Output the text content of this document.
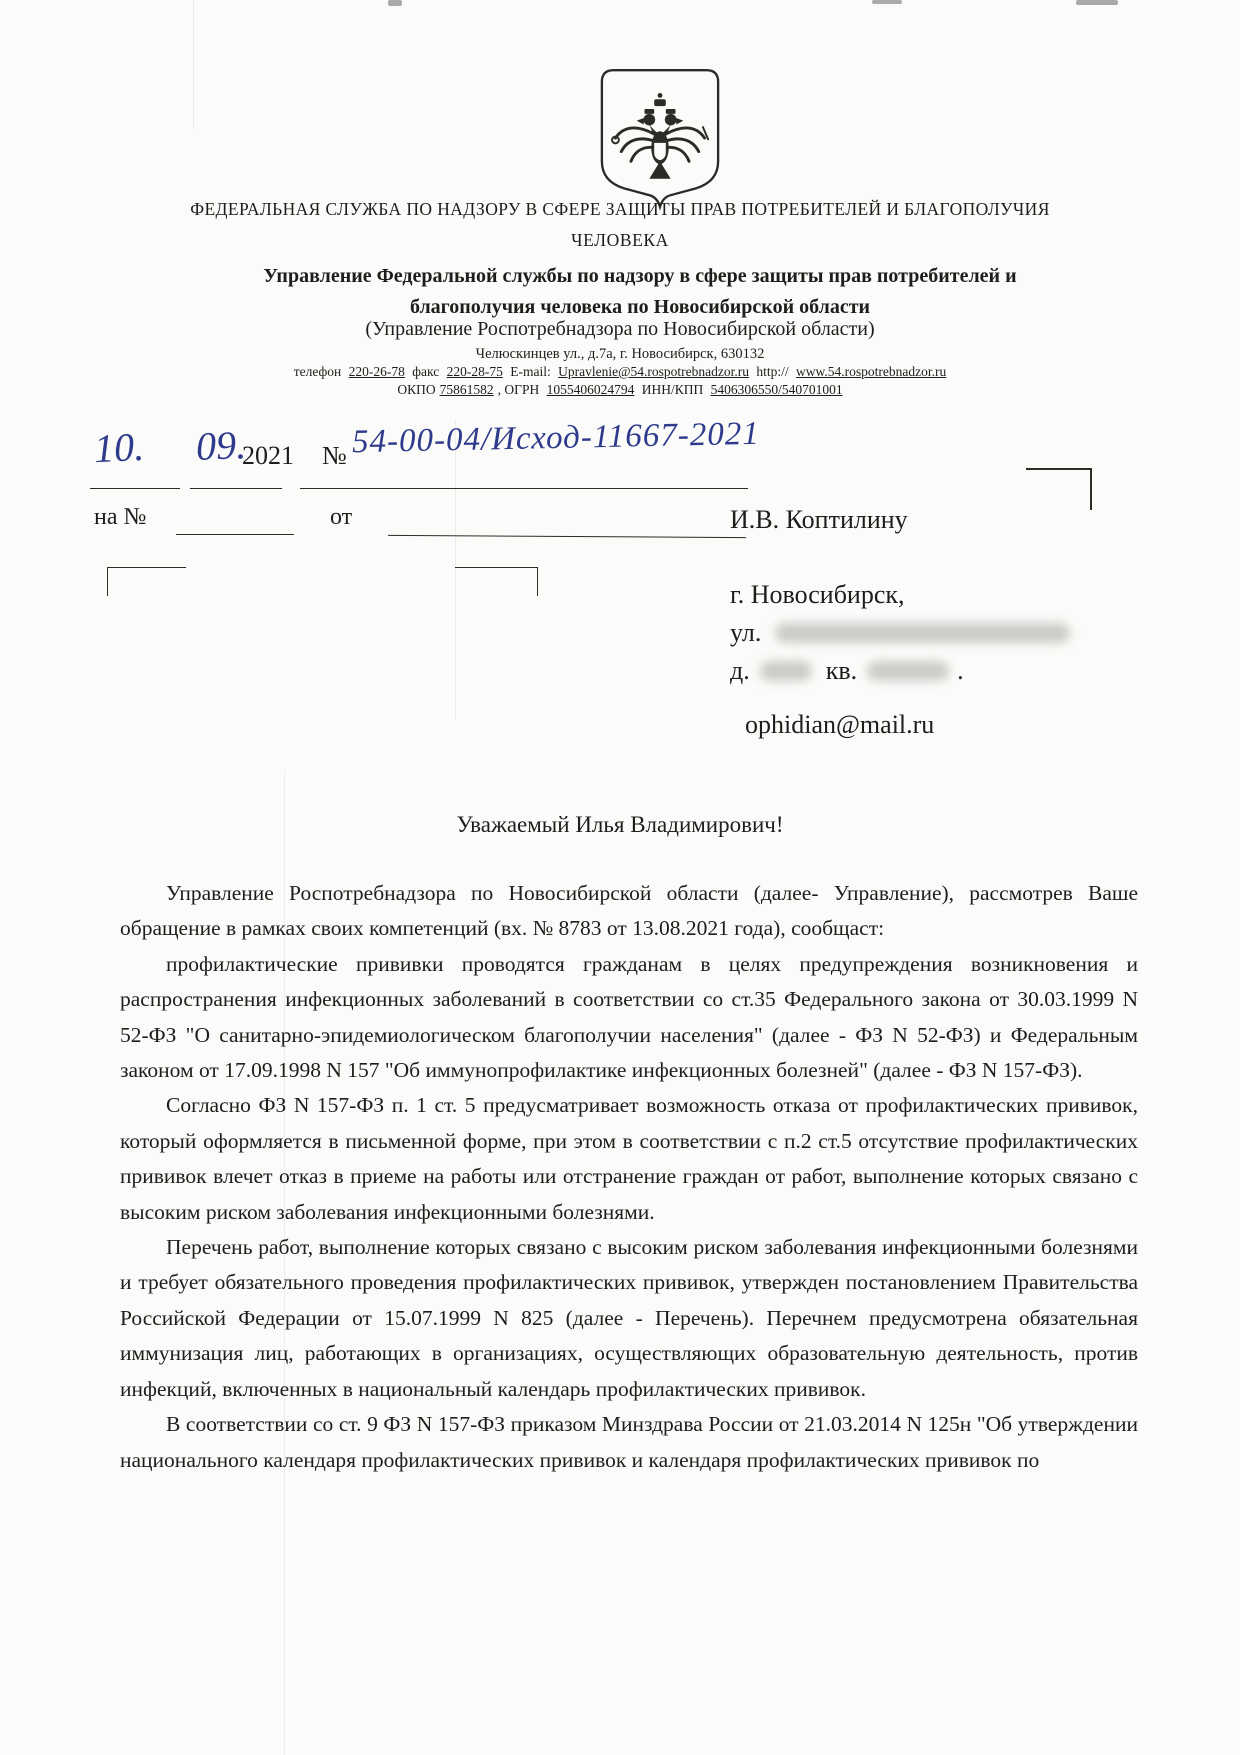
ФЕДЕРАЛЬНАЯ СЛУЖБА ПО НАДЗОРУ В СФЕРЕ ЗАЩИТЫ ПРАВ ПОТРЕБИТЕЛЕЙ И БЛАГОПОЛУЧИЯ
ЧЕЛОВЕКА
Управление Федеральной службы по надзору в сфере защиты прав потребителей и благополучия человека по Новосибирской области
(Управление Роспотребнадзора по Новосибирской области)
Челюскинцев ул., д.7а, г. Новосибирск, 630132
телефон 220-26-78 факс 220-28-75 E-mail: Upravlenie@54.rospotrebnadzor.ru http:// www.54.rospotrebnadzor.ru
ОКПО 75861582 , ОГРН 1055406024794 ИНН/КПП 5406306550/540701001
10. 09.
2021 № 54-00-04/Исход-11667-2021
на №	от	И.В. Коптилину
г. Новосибирск,
ул.
д.	кв.	.
ophidian@mail.ru
Уважаемый Илья Владимирович!

Управление Роспотребнадзора по Новосибирской области (далее- Управление), рассмотрев Ваше обращение в рамках своих компетенций (вх. № 8783 от 13.08.2021 года), сообщаст:

профилактические прививки проводятся гражданам в целях предупреждения возникновения и распространения инфекционных заболеваний в соответствии со ст.35 Федерального закона от 30.03.1999 N 52-ФЗ "О санитарно-эпидемиологическом благополучии населения" (далее - ФЗ N 52-ФЗ) и Федеральным законом от 17.09.1998 N 157 "Об иммунопрофилактике инфекционных болезней" (далее - ФЗ N 157-ФЗ).

Согласно ФЗ N 157-ФЗ п. 1 ст. 5 предусматривает возможность отказа от профилактических прививок, который оформляется в письменной форме, при этом в соответствии с п.2 ст.5 отсутствие профилактических прививок влечет отказ в приеме на работы или отстранение граждан от работ, выполнение которых связано с высоким риском заболевания инфекционными болезнями.

Перечень работ, выполнение которых связано с высоким риском заболевания инфекционными болезнями и требует обязательного проведения профилактических прививок, утвержден постановлением Правительства Российской Федерации от 15.07.1999 N 825 (далее - Перечень). Перечнем предусмотрена обязательная иммунизация лиц, работающих в организациях, осуществляющих образовательную деятельность, против инфекций, включенных в национальный календарь профилактических прививок.

В соответствии со ст. 9 ФЗ N 157-ФЗ приказом Минздрава России от 21.03.2014 N 125н "Об утверждении национального календаря профилактических прививок и календаря профилактических прививок по
